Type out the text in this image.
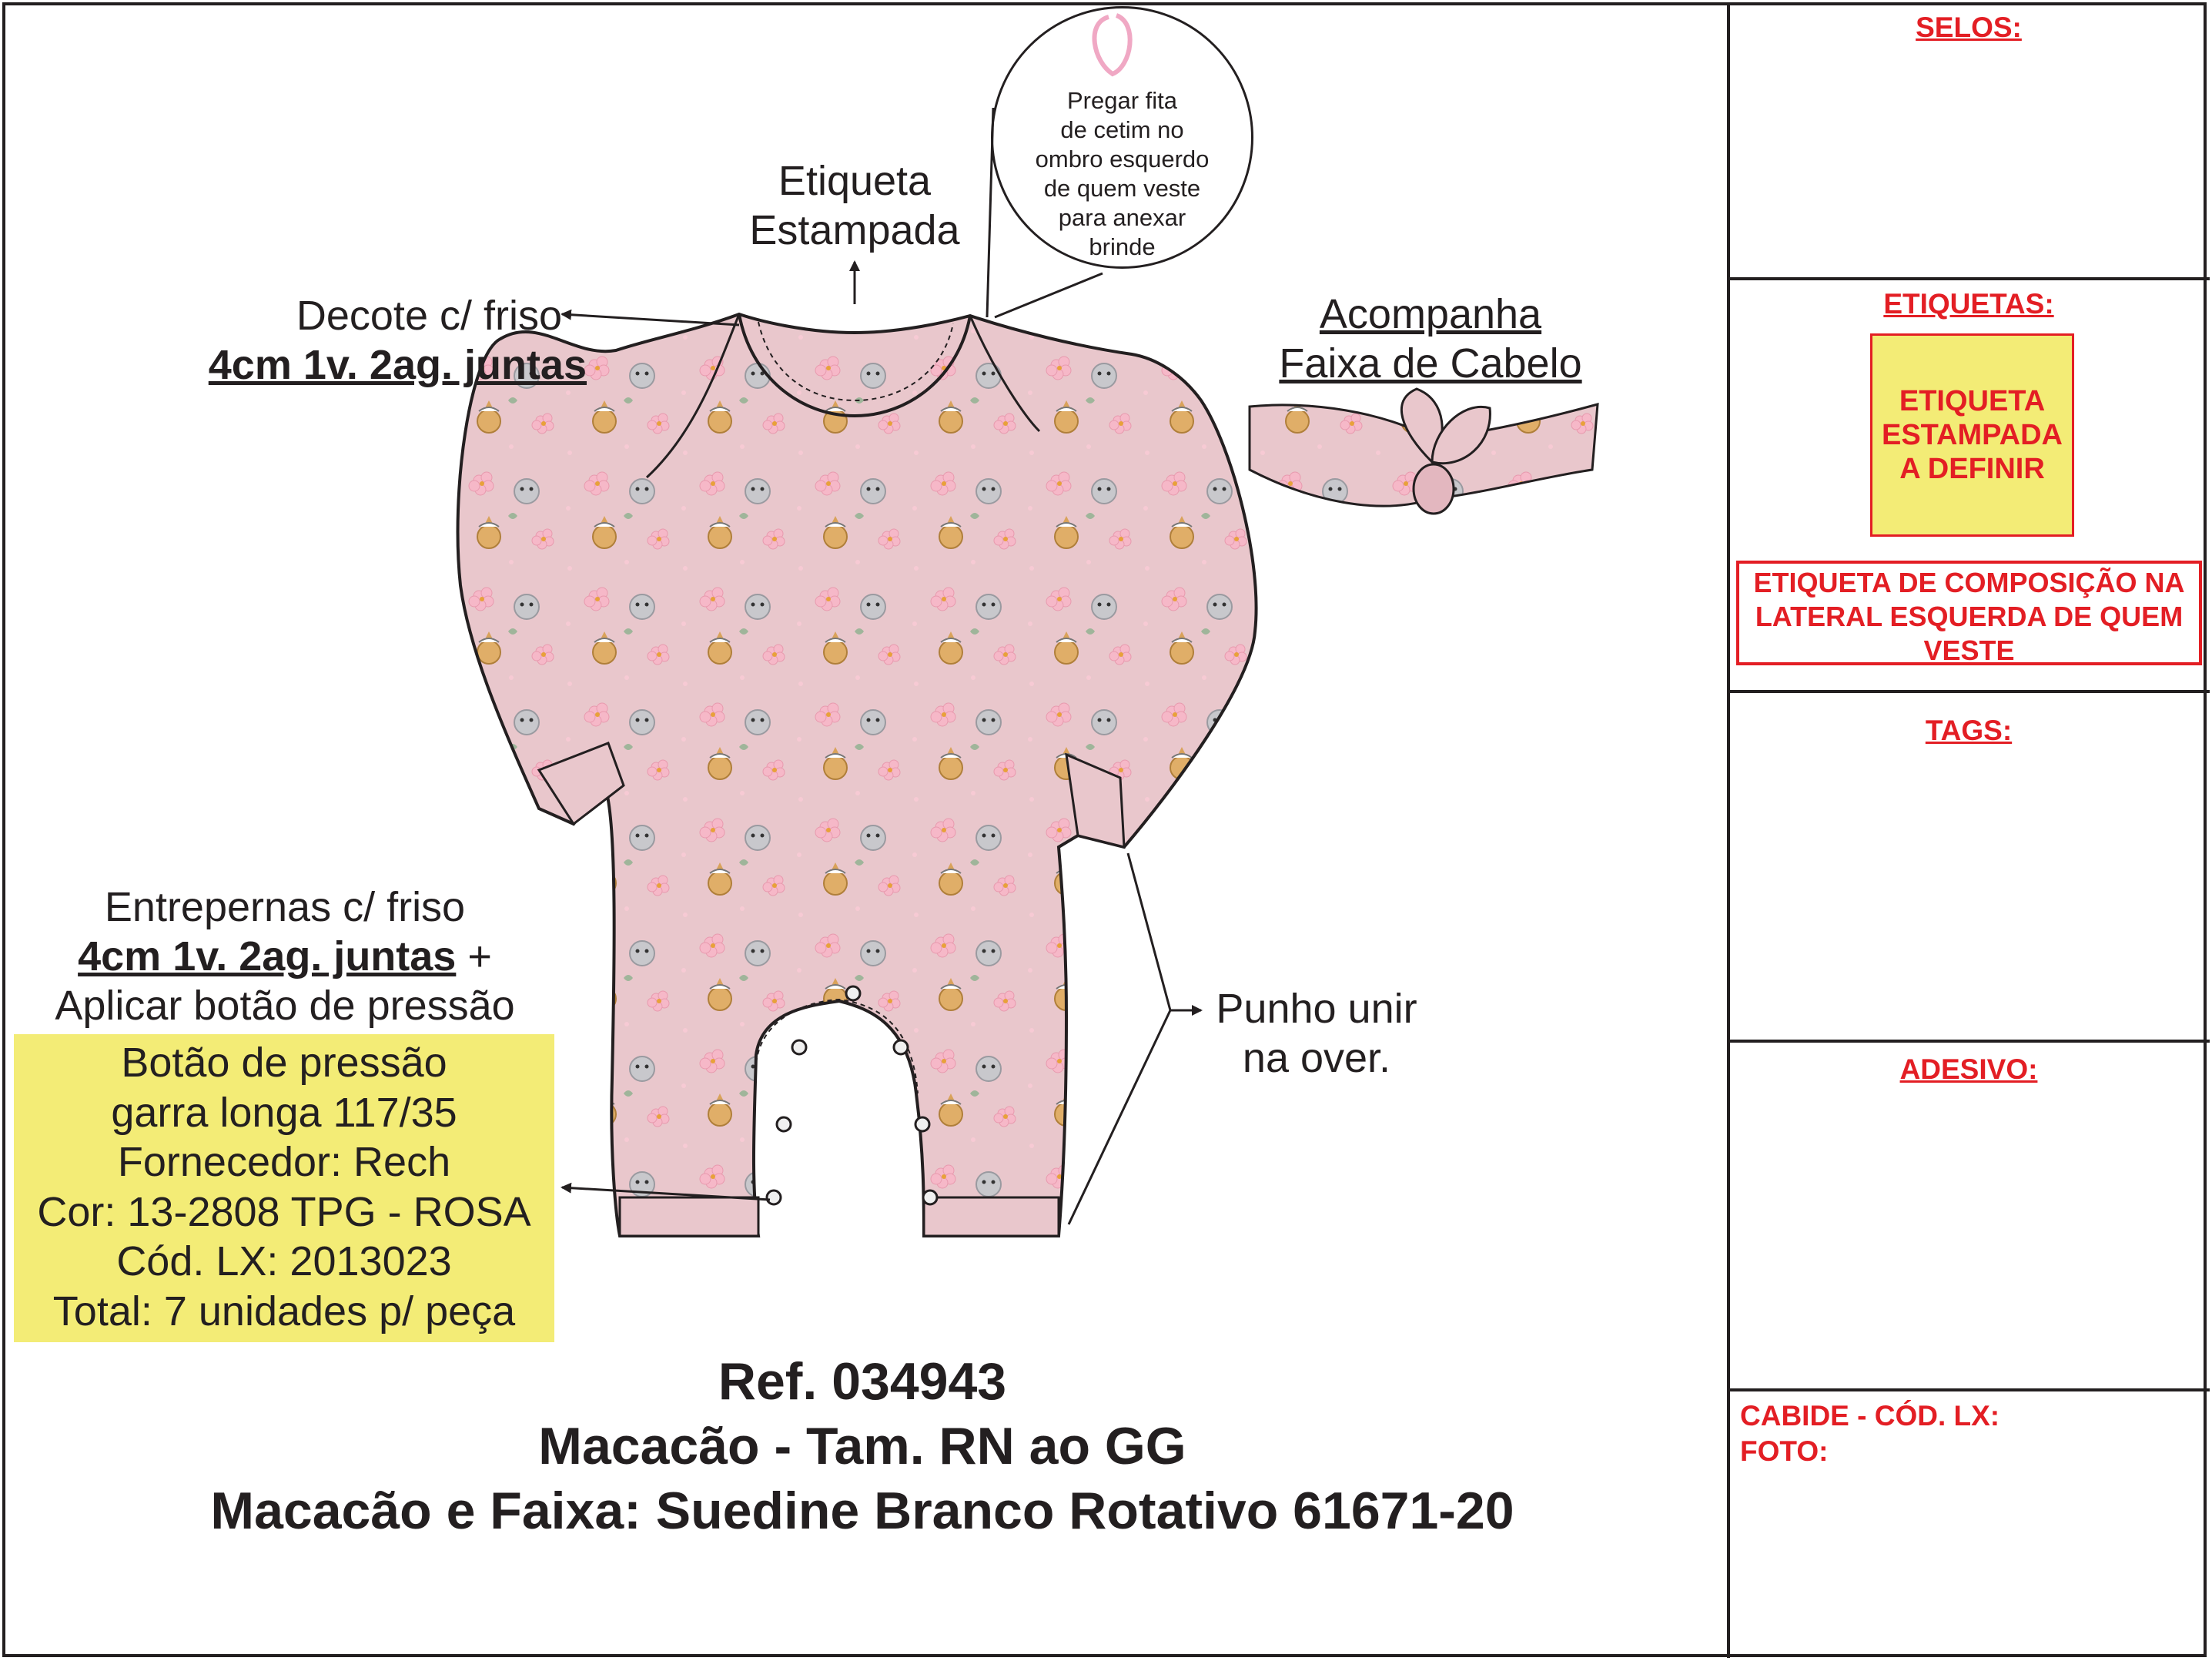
SELOS:
ETIQUETAS:
ETIQUETA
ESTAMPADA
A DEFINIR
ETIQUETA DE COMPOSIÇÃO NA
LATERAL ESQUERDA DE QUEM
VESTE
TAGS:
ADESIVO:
CABIDE - CÓD. LX:
FOTO:
Pregar fita
de cetim no
ombro esquerdo
de quem veste
para anexar
brinde
Etiqueta
Estampada
Decote c/ friso
4cm 1v. 2ag. juntas
Acompanha
Faixa de Cabelo
Entrepernas c/ friso
4cm 1v. 2ag. juntas +
Aplicar botão de pressão
Botão de pressão
garra longa 117/35
Fornecedor: Rech
Cor: 13-2808 TPG - ROSA
Cód. LX: 2013023
Total: 7 unidades p/ peça
Punho unir
na over.
Ref. 034943
Macacão - Tam. RN ao GG
Macacão e Faixa: Suedine Branco Rotativo 61671-20
